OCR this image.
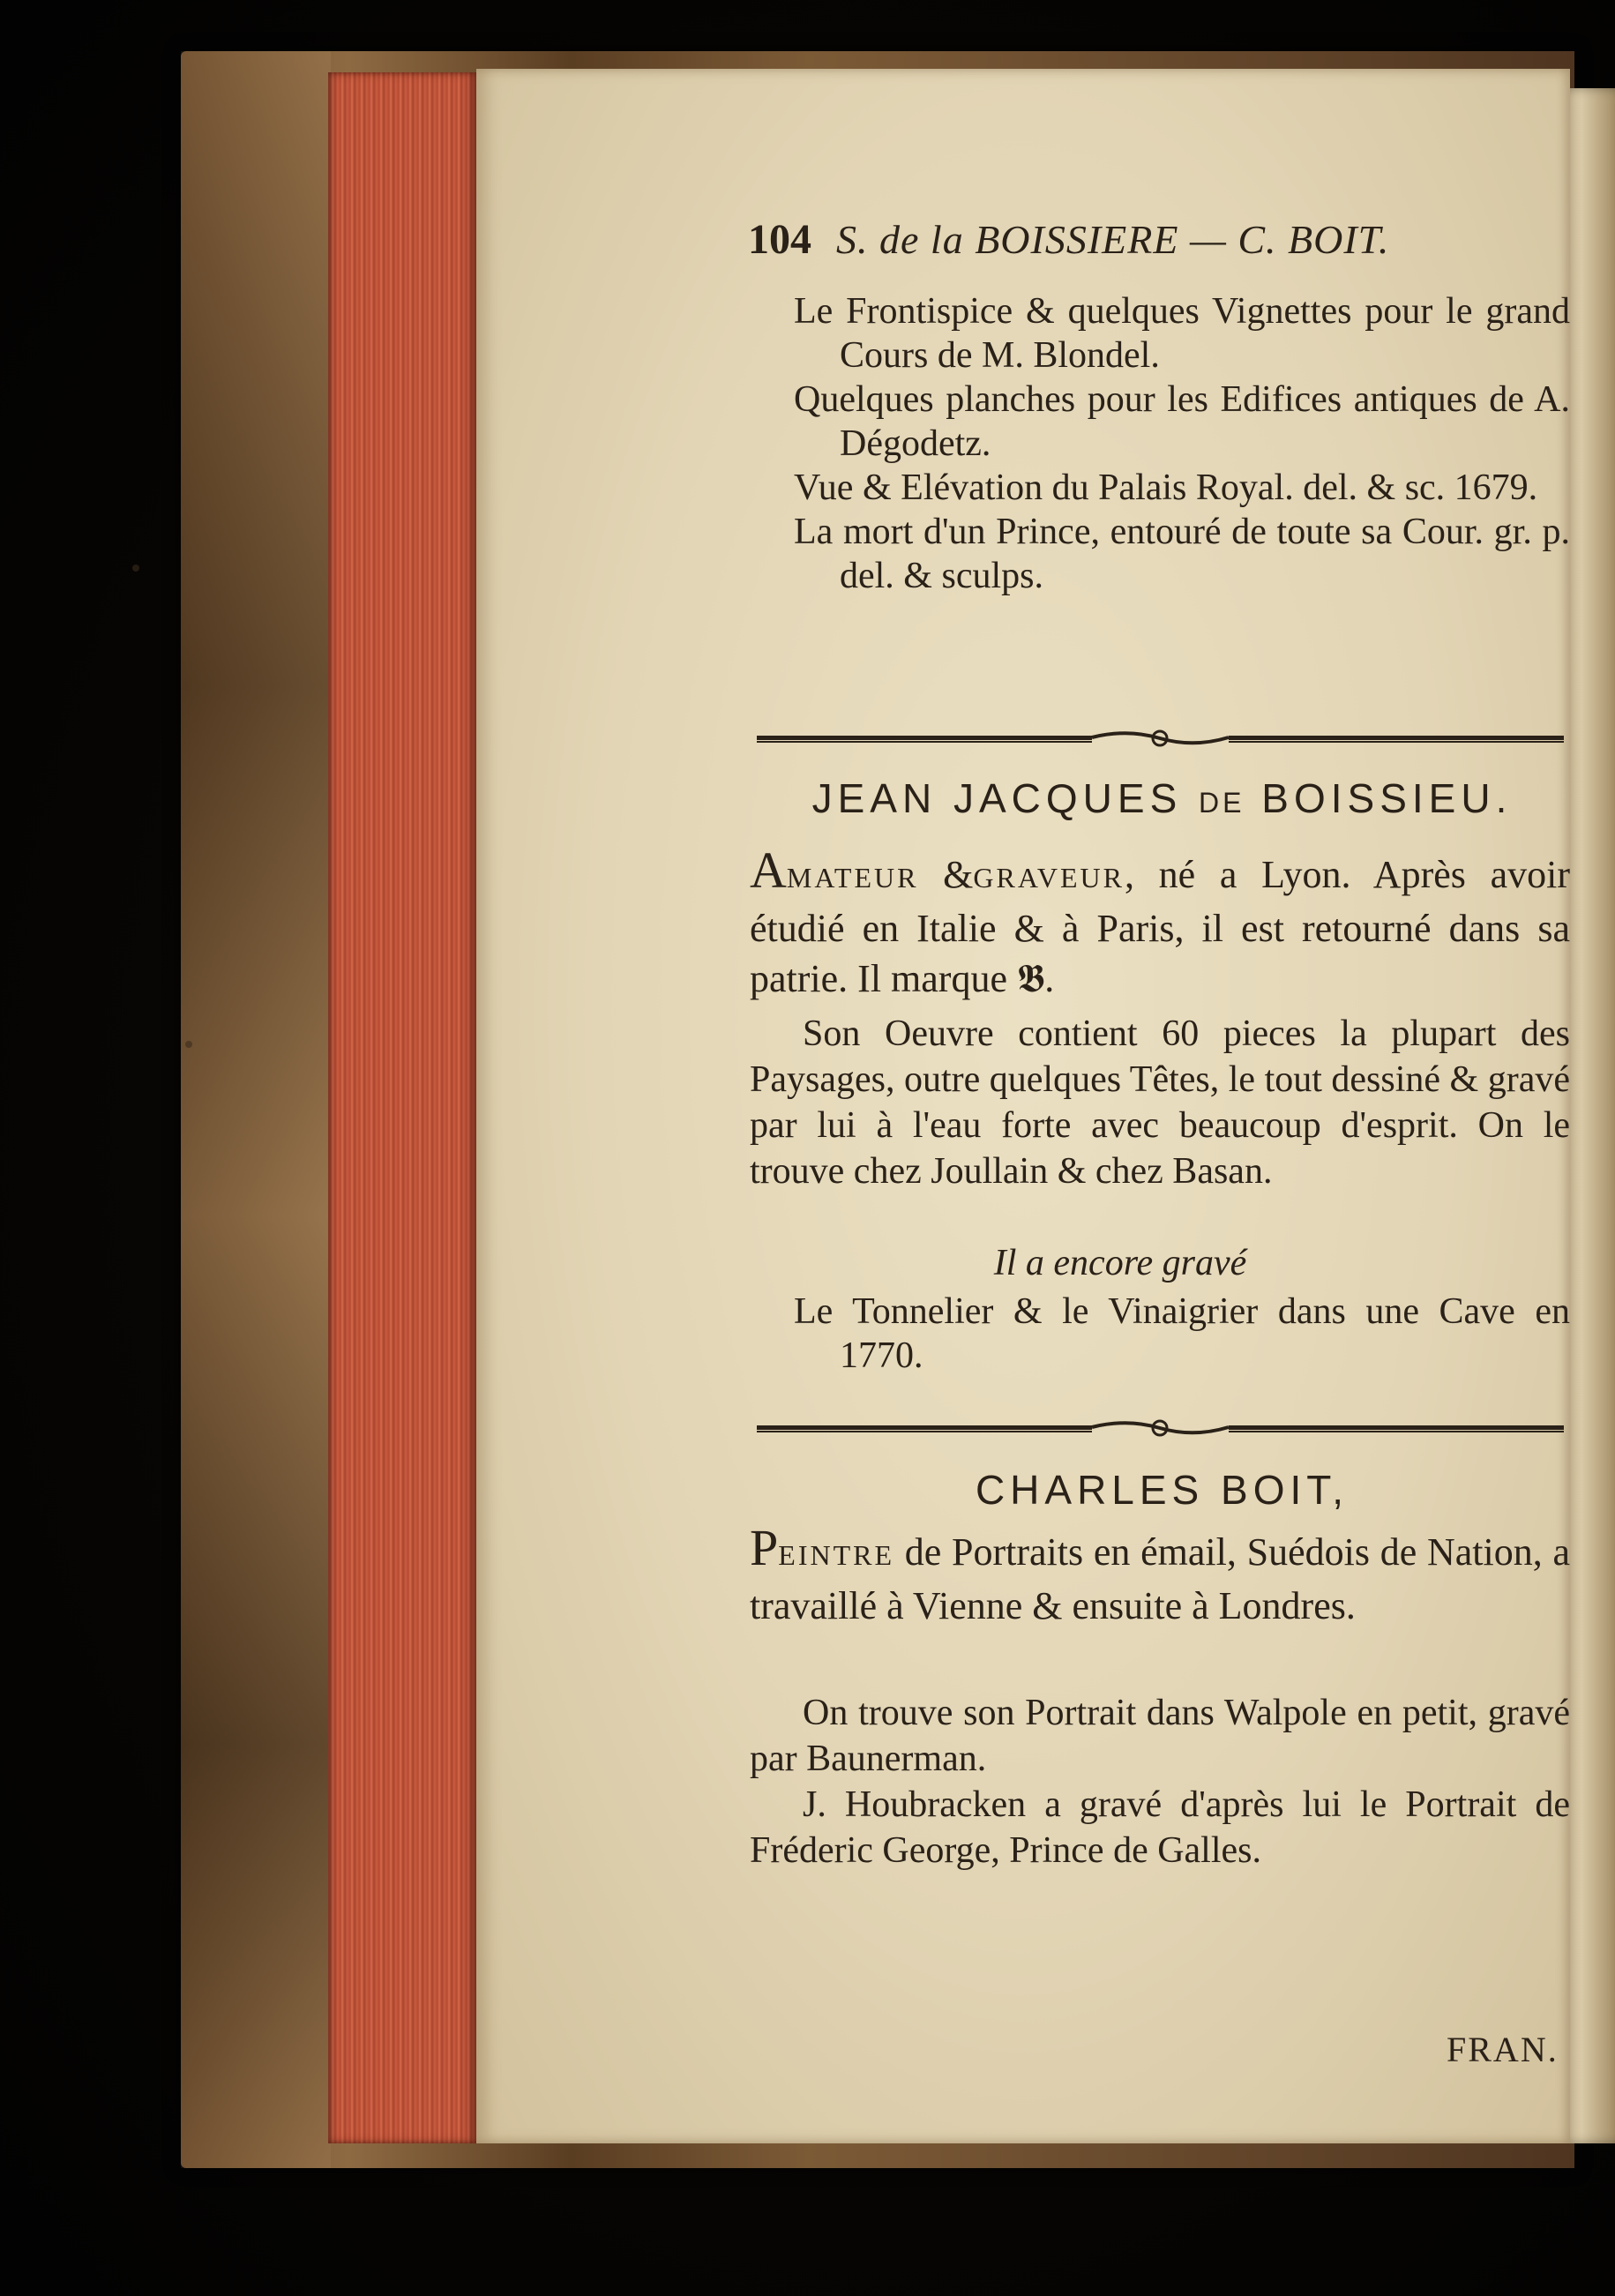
104 S. de la BOISSIERE — C. BOIT.

Le Frontispice & quelques Vignettes pour le grand Cours de M. Blondel.

Quelques planches pour les Edifices antiques de A. Dégodetz.

Vue & Elévation du Palais Royal. del. & sc. 1679.

La mort d'un Prince, entouré de toute sa Cour. gr. p. del. & sculps.

JEAN JACQUES DE BOISSIEU.
AMATEUR &GRAVEUR, né a Lyon. Après avoir étudié en Italie & à Paris, il est retourné dans sa patrie. Il marque 𝕭.
Son Oeuvre contient 60 pieces la plupart des Paysages, outre quelques Têtes, le tout dessiné & gravé par lui à l'eau forte avec beaucoup d'esprit. On le trouve chez Joullain & chez Basan.
Il a encore gravé

Le Tonnelier & le Vinaigrier dans une Cave en 1770.

CHARLES BOIT,
PEINTRE de Portraits en émail, Suédois de Nation, a travaillé à Vienne & ensuite à Londres.
On trouve son Portrait dans Walpole en petit, gravé par Baunerman.
J. Houbracken a gravé d'après lui le Portrait de Fréderic George, Prince de Galles.
FRAN.
